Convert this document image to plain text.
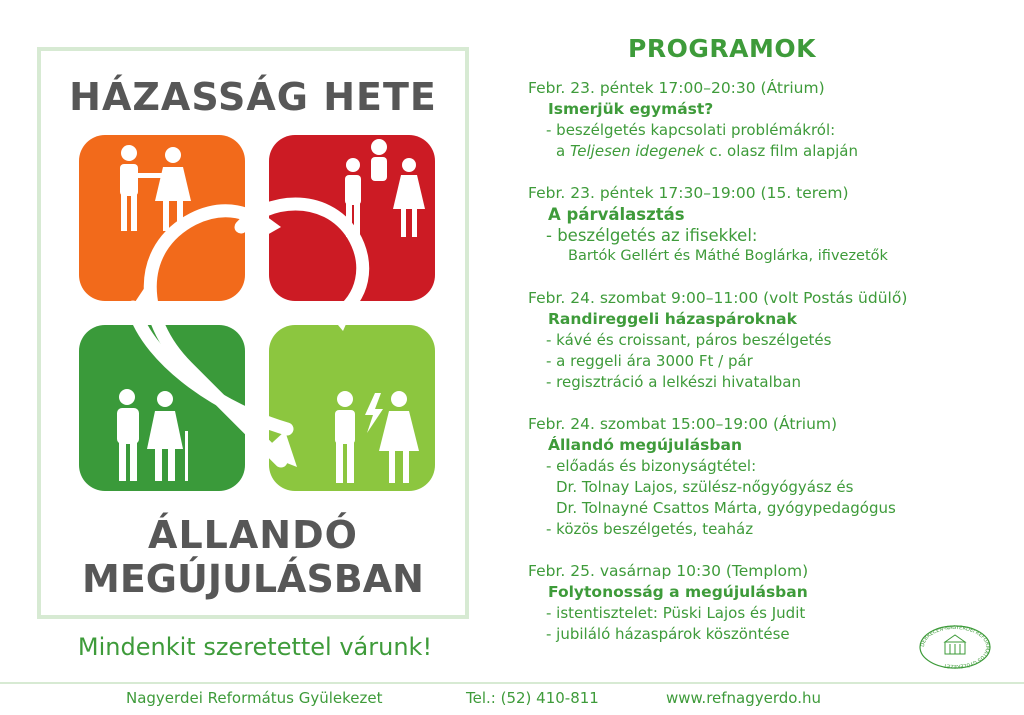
HÁZASSÁG HETE
ÁLLANDÓ
MEGÚJULÁSBAN
Mindenkit szeretettel várunk!
PROGRAMOK
Febr. 23. péntek 17:00–20:30 (Átrium)
Ismerjük egymást?
- beszélgetés kapcsolati problémákról:
a Teljesen idegenek c. olasz film alapján
Febr. 23. péntek 17:30–19:00 (15. terem)
A párválasztás
- beszélgetés az ifisekkel:
Bartók Gellért és Máthé Boglárka, ifivezetők
Febr. 24. szombat 9:00–11:00 (volt Postás üdülő)
Randireggeli házaspároknak
- kávé és croissant, páros beszélgetés
- a reggeli ára 3000 Ft / pár
- regisztráció a lelkészi hivatalban
Febr. 24. szombat 15:00–19:00 (Átrium)
Állandó megújulásban
- előadás és bizonyságtétel:
Dr. Tolnay Lajos, szülész-nőgyógyász és
Dr. Tolnayné Csattos Márta, gyógypedagógus
- közös beszélgetés, teaház
Febr. 25. vasárnap 10:30 (Templom)
Folytonosság a megújulásban
- istentisztelet: Püski Lajos és Judit
- jubiláló házaspárok köszöntése
DEBRECEN-NAGYERDEI REFORMÁTUS GYÜLEKEZET
Nagyerdei Református Gyülekezet	Tel.: (52) 410-811	www.refnagyerdo.hu
